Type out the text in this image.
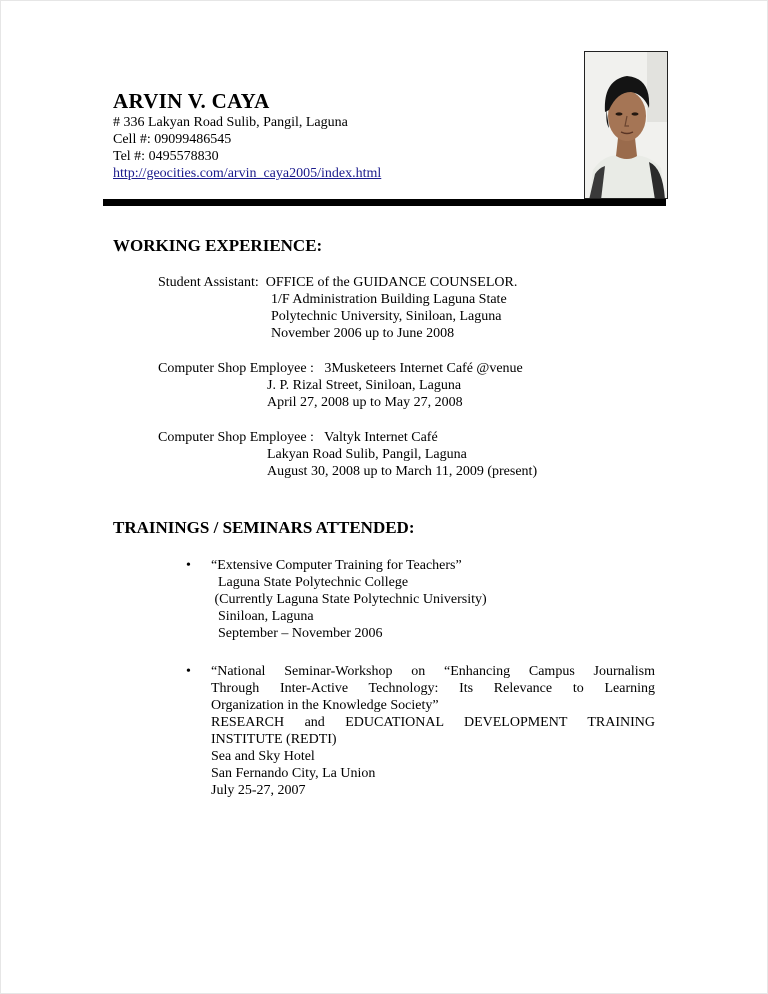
ARVIN V. CAYA
# 336 Lakyan Road Sulib, Pangil, Laguna
Cell #: 09099486545
Tel #: 0495578830
http://geocities.com/arvin_caya2005/index.html
WORKING EXPERIENCE:
Student Assistant:  OFFICE of the GUIDANCE COUNSELOR.
1/F Administration Building Laguna State
Polytechnic University, Siniloan, Laguna
November 2006 up to June 2008
Computer Shop Employee :   3Musketeers Internet Café @venue
J. P. Rizal Street, Siniloan, Laguna
April 27, 2008 up to May 27, 2008
Computer Shop Employee :   Valtyk Internet Café
Lakyan Road Sulib, Pangil, Laguna
August 30, 2008 up to March 11, 2009 (present)
TRAININGS / SEMINARS ATTENDED:
• “Extensive Computer Training for Teachers”
Laguna State Polytechnic College
(Currently Laguna State Polytechnic University)
Siniloan, Laguna
September – November 2006
• “National Seminar-Workshop on “Enhancing Campus Journalism
Through Inter-Active Technology: Its Relevance to Learning
Organization in the Knowledge Society”
RESEARCH and EDUCATIONAL DEVELOPMENT TRAINING
INSTITUTE (REDTI)
Sea and Sky Hotel
San Fernando City, La Union
July 25-27, 2007
